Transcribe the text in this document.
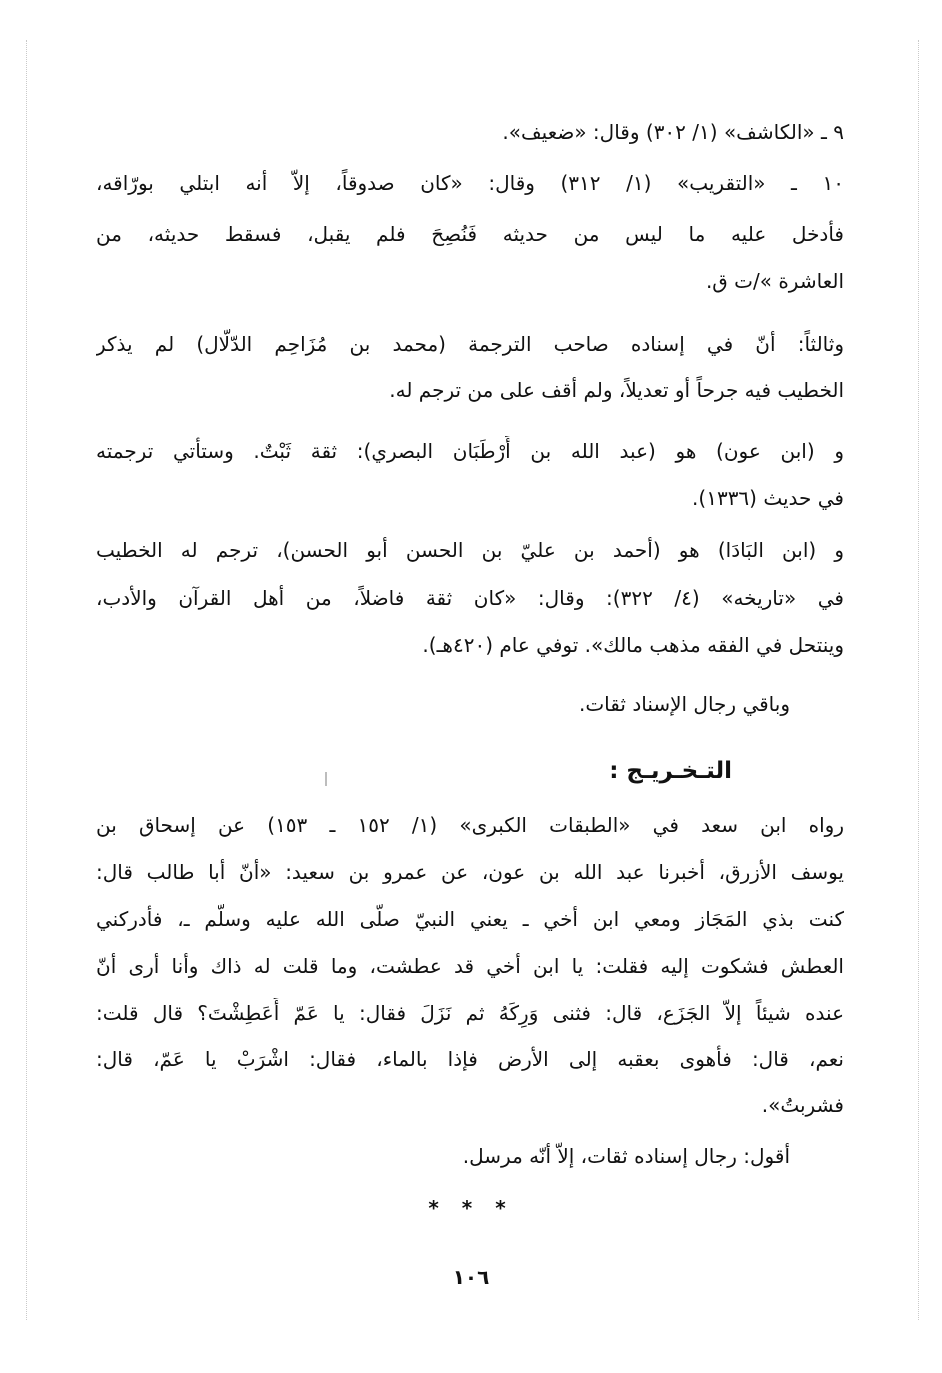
٩ ـ «الكاشف» (١/ ٣٠٢) وقال: «ضعيف».
١٠ ـ «التقريب» (١/ ٣١٢) وقال: «كان صدوقاً، إلاّ أنه ابتلي بورّاقه،
فأدخل عليه ما ليس من حديثه فَنُصِحَ فلم يقبل، فسقط حديثه، من
العاشرة »/ت ق.
وثالثاً: أنّ في إسناده صاحب الترجمة (محمد بن مُزَاحِم الدّلّال) لم يذكر
الخطيب فيه جرحاً أو تعديلاً، ولم أقف على من ترجم له.
و (ابن عون) هو (عبد الله بن أَرْطَبَان البصري): ثقة ثَبْتٌ. وستأتي ترجمته
في حديث (١٣٣٦).
و (ابن البَادَا) هو (أحمد بن عليّ بن الحسن أبو الحسن)، ترجم له الخطيب
في «تاريخه» (٤/ ٣٢٢): وقال: «كان ثقة فاضلاً، من أهل القرآن والأدب،
وينتحل في الفقه مذهب مالك». توفي عام (٤٢٠هـ).
وباقي رجال الإسناد ثقات.
التـخـريـج :
رواه ابن سعد في «الطبقات الكبرى» (١/ ١٥٢ ـ ١٥٣) عن إسحاق بن
يوسف الأزرق، أخبرنا عبد الله بن عون، عن عمرو بن سعيد: «أنّ أبا طالب قال:
كنت بذي المَجَاز ومعي ابن أخي ـ يعني النبيّ صلّى الله عليه وسلّم ـ، فأدركني
العطش فشكوت إليه فقلت: يا ابن أخي قد عطشت، وما قلت له ذاك وأنا أرى أنّ
عنده شيئاً إلاّ الجَزَع، قال: فثنى وَرِكَهُ ثم نَزَلَ فقال: يا عَمّ أَعَطِشْتَ؟ قال قلت:
نعم، قال: فأهوى بعقبه إلى الأرض فإذا بالماء، فقال: اشْرَبْ يا عَمّ، قال:
فشربتُ».
أقول: رجال إسناده ثقات، إلاّ أنّه مرسل.
* * *
١٠٦
